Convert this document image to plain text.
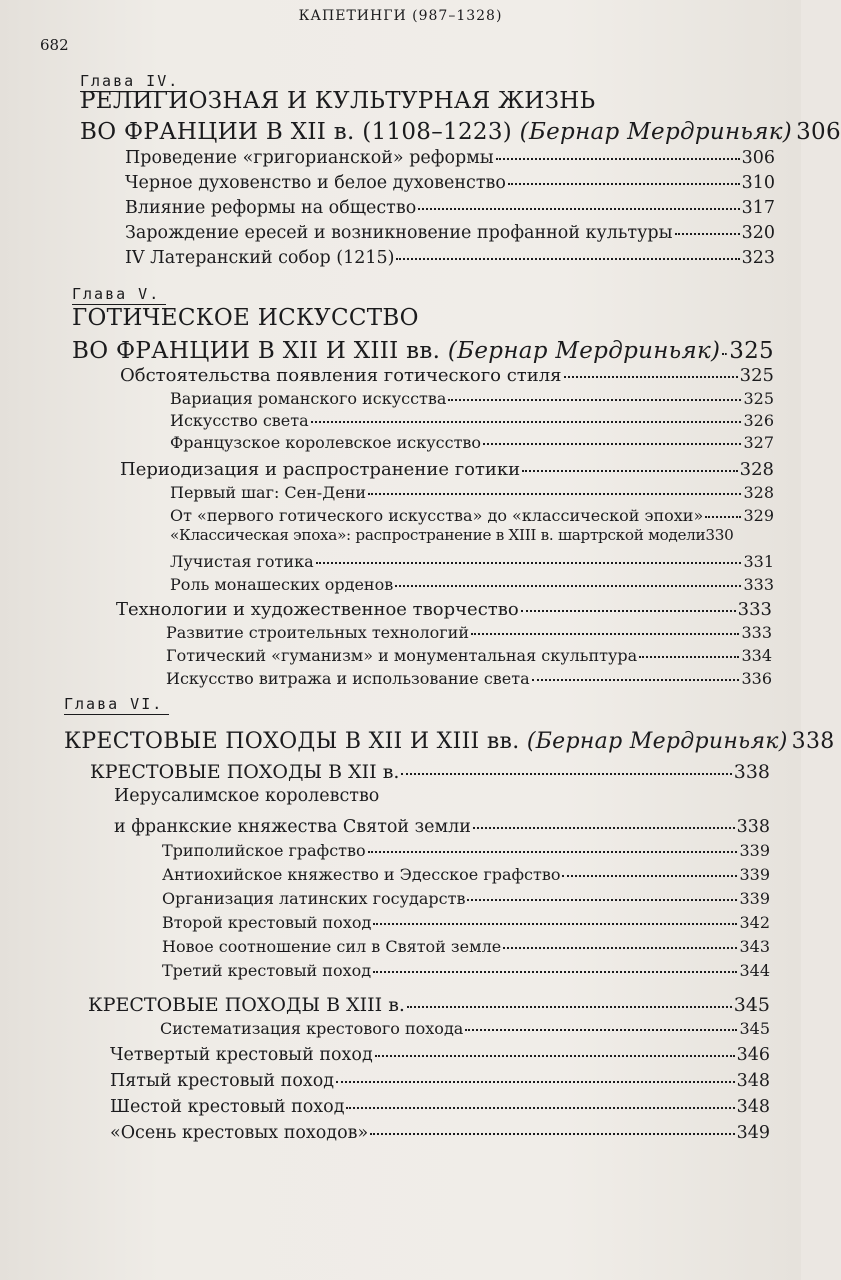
КАПЕТИНГИ (987–1328)
682
Глава IV.
РЕЛИГИОЗНАЯ И КУЛЬТУРНАЯ ЖИЗНЬ
ВО ФРАНЦИИ В XII в. (1108–1223) (Бернар Мердриньяк) 306
Проведение «григорианской» реформы	306
Черное духовенство и белое духовенство	310
Влияние реформы на общество	317
Зарождение ересей и возникновение профанной культуры	320
IV Латеранский собор (1215)	323
Глава V.
ГОТИЧЕСКОЕ ИСКУССТВО
ВО ФРАНЦИИ В XII И XIII вв. (Бернар Мердриньяк) 325
Обстоятельства появления готического стиля	325
Вариация романского искусства	325
Искусство света	326
Французское королевское искусство	327
Периодизация и распространение готики	328
Первый шаг: Сен-Дени	328
От «первого готического искусства» до «классической эпохи»	329
«Классическая эпоха»: распространение в XIII в. шартрской модели 330
Лучистая готика	331
Роль монашеских орденов	333
Технологии и художественное творчество	333
Развитие строительных технологий	333
Готический «гуманизм» и монументальная скульптура	334
Искусство витража и использование света	336
Глава VI.
КРЕСТОВЫЕ ПОХОДЫ В XII И XIII вв. (Бернар Мердриньяк) 338
КРЕСТОВЫЕ ПОХОДЫ В XII в.	338
Иерусалимское королевство
и франкские княжества Святой земли	338
Триполийское графство	339
Антиохийское княжество и Эдесское графство	339
Организация латинских государств	339
Второй крестовый поход	342
Новое соотношение сил в Святой земле	343
Третий крестовый поход	344
КРЕСТОВЫЕ ПОХОДЫ В XIII в.	345
Систематизация крестового похода	345
Четвертый крестовый поход	346
Пятый крестовый поход	348
Шестой крестовый поход	348
«Осень крестовых походов»	349
